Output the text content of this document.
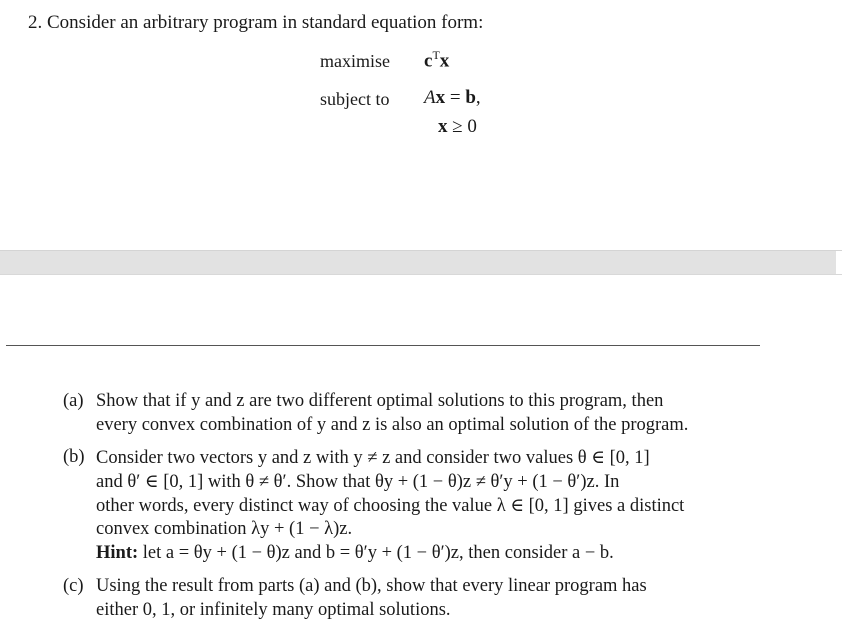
2. Consider an arbitrary program in standard equation form:
maximise $c^Tx$
subject to Ax = b,
x ≥ 0
(a) Show that if y and z are two different optimal solutions to this program, then
every convex combination of y and z is also an optimal solution of the program.
(b) Consider two vectors y and z with y ≠ z and consider two values θ ∈ [0, 1]
and θ′ ∈ [0, 1] with θ ≠ θ′. Show that θy + (1 − θ)z ≠ θ′y + (1 − θ′)z. In
other words, every distinct way of choosing the value λ ∈ [0, 1] gives a distinct
convex combination λy + (1 − λ)z.
Hint: let a = θy + (1 − θ)z and b = θ′y + (1 − θ′)z, then consider a − b.
(c) Using the result from parts (a) and (b), show that every linear program has
either 0, 1, or infinitely many optimal solutions.
